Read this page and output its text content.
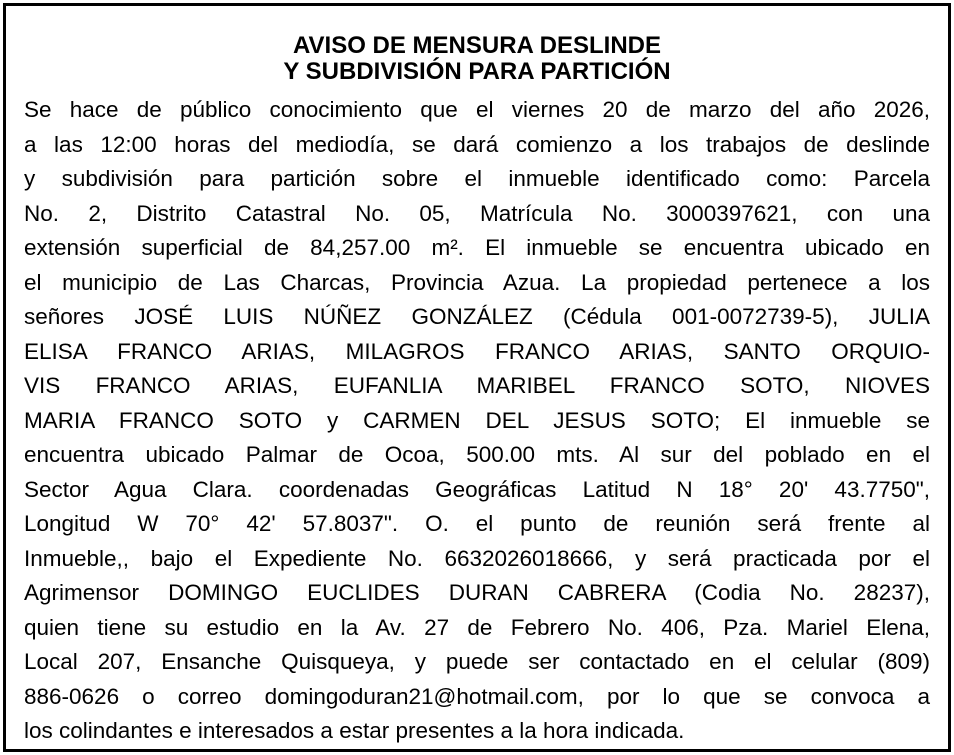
AVISO DE MENSURA DESLINDE
Y SUBDIVISIÓN PARA PARTICIÓN
Se hace de público conocimiento que el viernes 20 de marzo del año 2026,
a las 12:00 horas del mediodía, se dará comienzo a los trabajos de deslinde
y subdivisión para partición sobre el inmueble identificado como: Parcela
No. 2, Distrito Catastral No. 05, Matrícula No. 3000397621, con una
extensión superficial de 84,257.00 m². El inmueble se encuentra ubicado en
el municipio de Las Charcas, Provincia Azua. La propiedad pertenece a los
señores JOSÉ LUIS NÚÑEZ GONZÁLEZ (Cédula 001-0072739-5), JULIA
ELISA FRANCO ARIAS, MILAGROS FRANCO ARIAS, SANTO ORQUIO-
VIS FRANCO ARIAS, EUFANLIA MARIBEL FRANCO SOTO, NIOVES
MARIA FRANCO SOTO y CARMEN DEL JESUS SOTO; El inmueble se
encuentra ubicado Palmar de Ocoa, 500.00 mts. Al sur del poblado en el
Sector Agua Clara. coordenadas Geográficas Latitud N 18° 20' 43.7750",
Longitud W 70° 42' 57.8037". O. el punto de reunión será frente al
Inmueble,, bajo el Expediente No. 6632026018666, y será practicada por el
Agrimensor DOMINGO EUCLIDES DURAN CABRERA (Codia No. 28237),
quien tiene su estudio en la Av. 27 de Febrero No. 406, Pza. Mariel Elena,
Local 207, Ensanche Quisqueya, y puede ser contactado en el celular (809)
886-0626 o correo domingoduran21@hotmail.com, por lo que se convoca a
los colindantes e interesados a estar presentes a la hora indicada.
